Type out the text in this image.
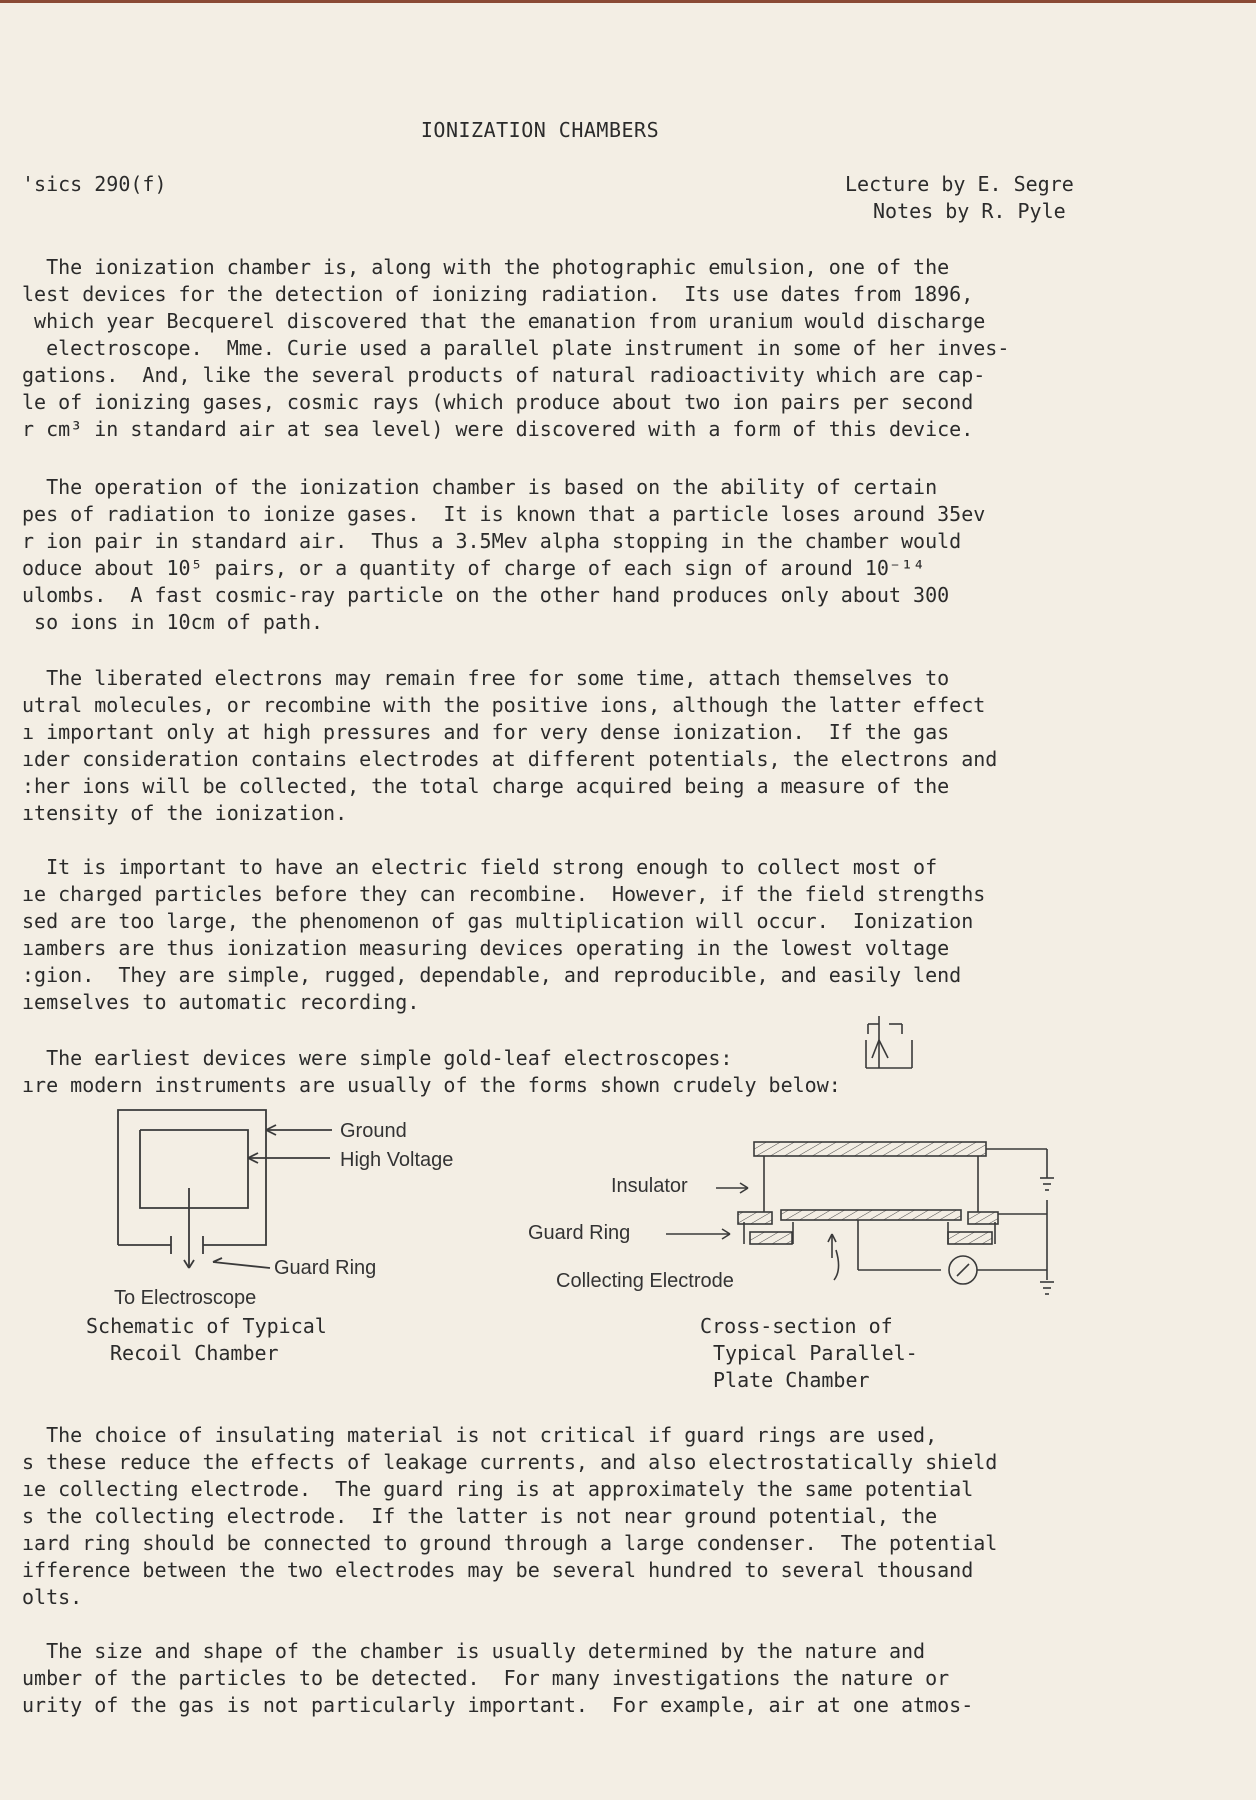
IONIZATION CHAMBERS
'sics 290(f)	Lecture by E. Segre
Notes by R. Pyle
The ionization chamber is, along with the photographic emulsion, one of the
lest devices for the detection of ionizing radiation.  Its use dates from 1896,
which year Becquerel discovered that the emanation from uranium would discharge
electroscope.  Mme. Curie used a parallel plate instrument in some of her inves-
gations.  And, like the several products of natural radioactivity which are cap-
le of ionizing gases, cosmic rays (which produce about two ion pairs per second
r cm³ in standard air at sea level) were discovered with a form of this device.
The operation of the ionization chamber is based on the ability of certain
pes of radiation to ionize gases.  It is known that a particle loses around 35ev
r ion pair in standard air.  Thus a 3.5Mev alpha stopping in the chamber would
oduce about 10⁵ pairs, or a quantity of charge of each sign of around 10⁻¹⁴
ulombs.  A fast cosmic-ray particle on the other hand produces only about 300
so ions in 10cm of path.
The liberated electrons may remain free for some time, attach themselves to
utral molecules, or recombine with the positive ions, although the latter effect
ı important only at high pressures and for very dense ionization.  If the gas
ıder consideration contains electrodes at different potentials, the electrons and
:her ions will be collected, the total charge acquired being a measure of the
ıtensity of the ionization.
It is important to have an electric field strong enough to collect most of
ıe charged particles before they can recombine.  However, if the field strengths
sed are too large, the phenomenon of gas multiplication will occur.  Ionization
ıambers are thus ionization measuring devices operating in the lowest voltage
:gion.  They are simple, rugged, dependable, and reproducible, and easily lend
ıemselves to automatic recording.
The earliest devices were simple gold-leaf electroscopes:
ıre modern instruments are usually of the forms shown crudely below:
Ground
High Voltage
Guard Ring
To Electroscope
Schematic of Typical
Recoil Chamber
Insulator
Guard Ring
Collecting Electrode
Cross-section of
Typical Parallel-
Plate Chamber
The choice of insulating material is not critical if guard rings are used,
s these reduce the effects of leakage currents, and also electrostatically shield
ıe collecting electrode.  The guard ring is at approximately the same potential
s the collecting electrode.  If the latter is not near ground potential, the
ıard ring should be connected to ground through a large condenser.  The potential
ifference between the two electrodes may be several hundred to several thousand
olts.
The size and shape of the chamber is usually determined by the nature and
umber of the particles to be detected.  For many investigations the nature or
urity of the gas is not particularly important.  For example, air at one atmos-
